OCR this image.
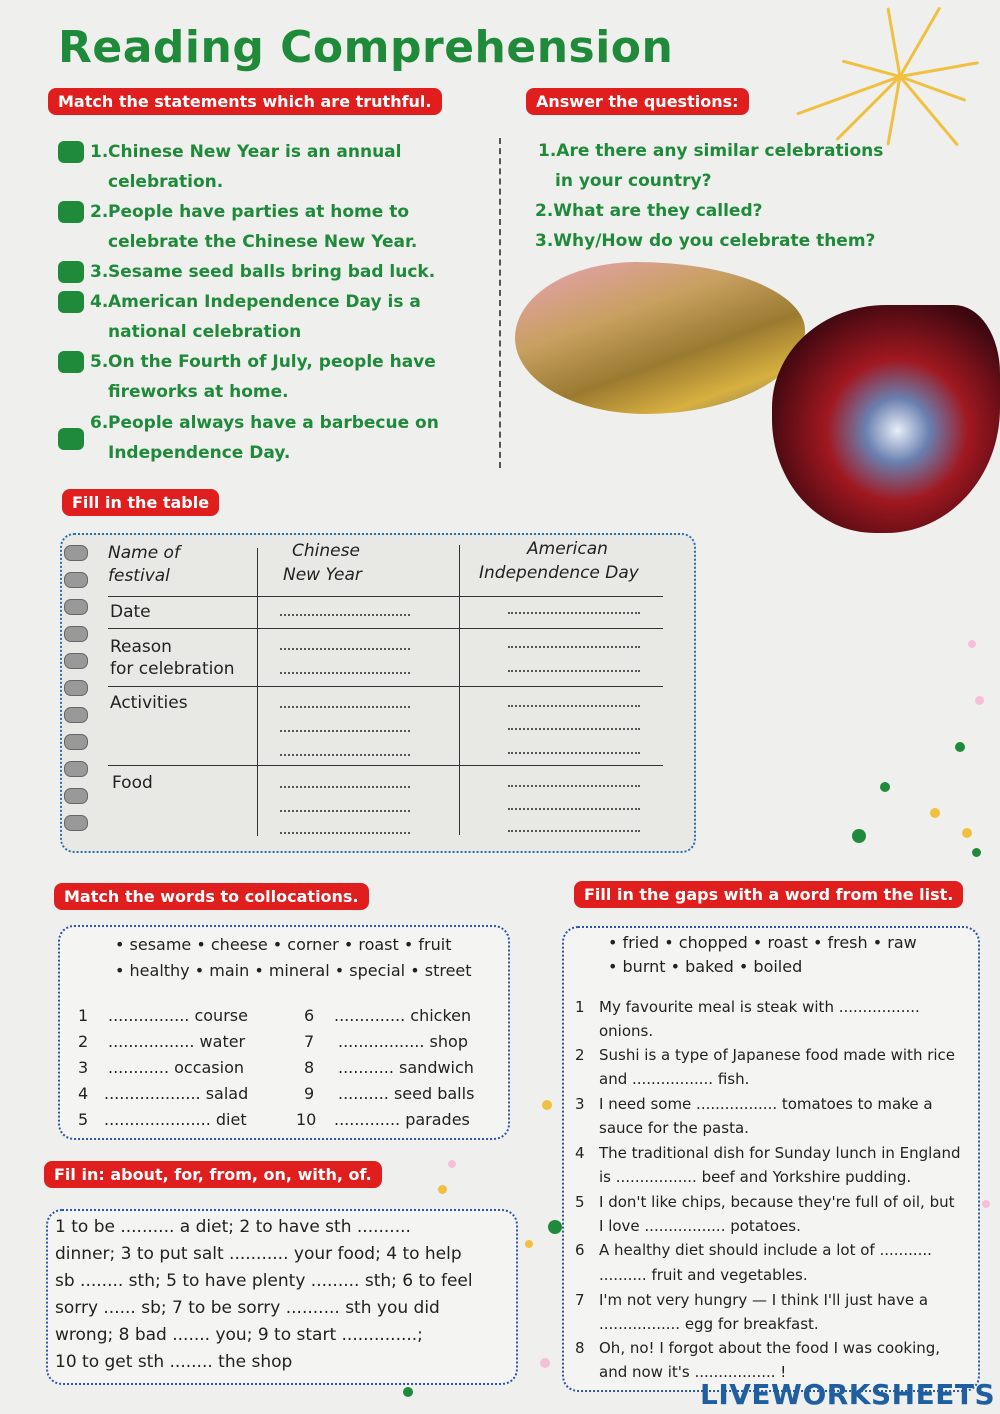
Reading Comprehension
Match the statements which are truthful.
1. Chinese New Year is an annual celebration.
2. People have parties at home to celebrate the Chinese New Year.
3. Sesame seed balls bring bad luck.
4. American Independence Day is a national celebration
5. On the Fourth of July, people have fireworks at home.
6. People always have a barbecue on Independence Day.
Answer the questions:
1.Are there any similar celebrations
in your country?
2.What are they called?
3.Why/How do you celebrate them?
Fill in the table
Name of
festival
Chinese
New Year
American
Independence Day
Date
Reason
for celebration
Activities
Food
Match the words to collocations.
• sesame • cheese • corner • roast • fruit
• healthy • main • mineral • special • street
1 ................ course
2 ................. water
3 ............ occasion
4 ................... salad
5 ..................... diet
6 .............. chicken
7 ................. shop
8 ........... sandwich
9 .......... seed balls
10 ............. parades
Fill in the gaps with a word from the list.
• fried • chopped • roast • fresh • raw
• burnt • baked • boiled
1 My favourite meal is steak with .................
onions.
2 Sushi is a type of Japanese food made with rice
and ................. fish.
3 I need some ................. tomatoes to make a
sauce for the pasta.
4 The traditional dish for Sunday lunch in England
is ................. beef and Yorkshire pudding.
5 I don't like chips, because they're full of oil, but
I love ................. potatoes.
6 A healthy diet should include a lot of ...........
.......... fruit and vegetables.
7 I'm not very hungry — I think I'll just have a
................. egg for breakfast.
8 Oh, no! I forgot about the food I was cooking,
and now it's ................. !
Fil in: about, for, from, on, with, of.
1 to be .......... a diet; 2 to have sth ..........
dinner; 3 to put salt ........... your food; 4 to help
sb ........ sth; 5 to have plenty ......... sth; 6 to feel
sorry ...... sb; 7 to be sorry .......... sth you did
wrong; 8 bad ....... you; 9 to start ..............;
10 to get sth ........ the shop
LIVEWORKSHEETS
